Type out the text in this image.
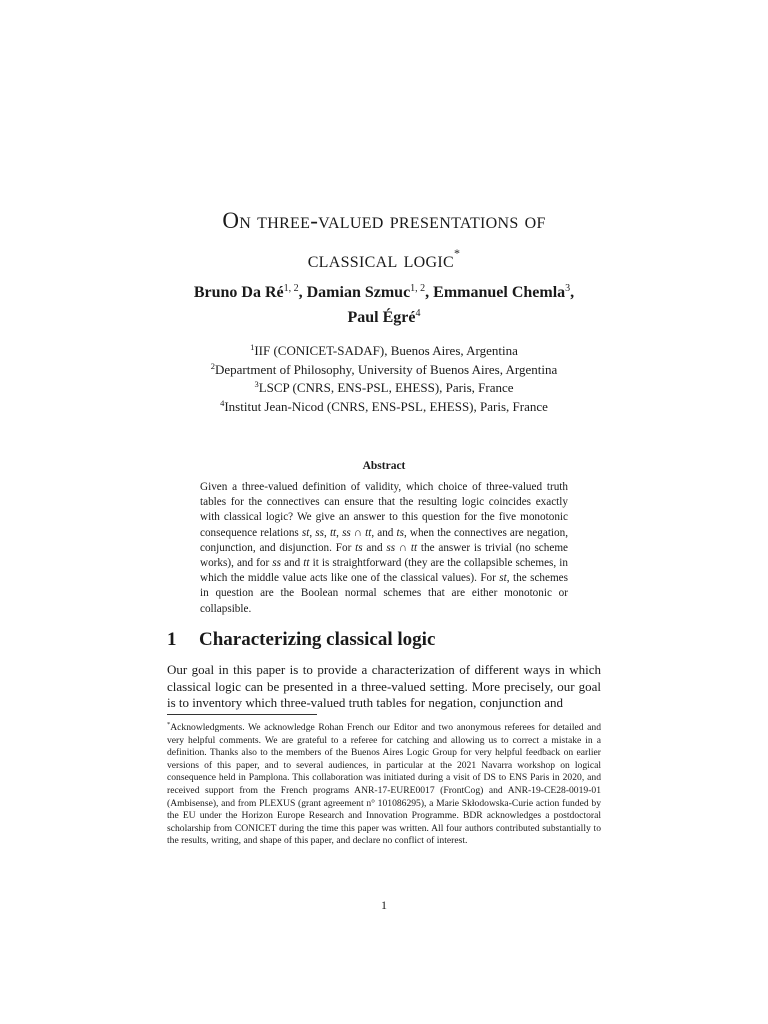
On three-valued presentations of
classical logic*
Bruno Da Ré$^{1, 2}$, Damian Szmuc$^{1, 2}$, Emmanuel Chemla$^3$,
Paul Égré$^4$
$^1$IIF (CONICET-SADAF), Buenos Aires, Argentina
$^2$Department of Philosophy, University of Buenos Aires, Argentina
$^3$LSCP (CNRS, ENS-PSL, EHESS), Paris, France
$^4$Institut Jean-Nicod (CNRS, ENS-PSL, EHESS), Paris, France
Abstract
Given a three-valued definition of validity, which choice of three-valued truth tables for the connectives can ensure that the resulting logic coincides exactly with classical logic? We give an answer to this question for the five monotonic consequence relations st, ss, tt, ss ∩ tt, and ts, when the connectives are negation, conjunction, and disjunction. For ts and ss ∩ tt the answer is trivial (no scheme works), and for ss and tt it is straightforward (they are the collapsible schemes, in which the middle value acts like one of the classical values). For st, the schemes in question are the Boolean normal schemes that are either monotonic or collapsible.
1 Characterizing classical logic
Our goal in this paper is to provide a characterization of different ways in which classical logic can be presented in a three-valued setting. More precisely, our goal is to inventory which three-valued truth tables for negation, conjunction and
*Acknowledgments. We acknowledge Rohan French our Editor and two anonymous referees for detailed and very helpful comments. We are grateful to a referee for catching and allowing us to correct a mistake in a definition. Thanks also to the members of the Buenos Aires Logic Group for very helpful feedback on earlier versions of this paper, and to several audiences, in particular at the 2021 Navarra workshop on logical consequence held in Pamplona. This collaboration was initiated during a visit of DS to ENS Paris in 2020, and received support from the French programs ANR-17-EURE0017 (FrontCog) and ANR-19-CE28-0019-01 (Ambisense), and from PLEXUS (grant agreement n° 101086295), a Marie Skłodowska-Curie action funded by the EU under the Horizon Europe Research and Innovation Programme. BDR acknowledges a postdoctoral scholarship from CONICET during the time this paper was written. All four authors contributed substantially to the results, writing, and shape of this paper, and declare no conflict of interest.
1
